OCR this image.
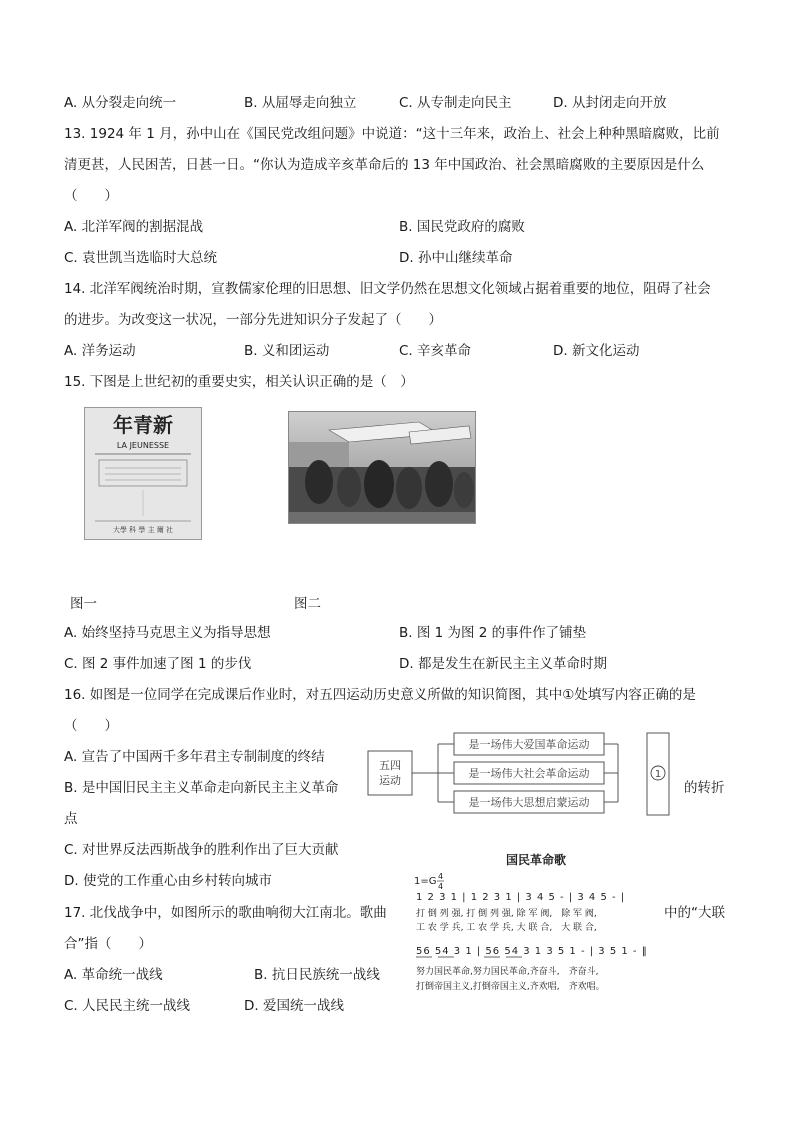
A. 从分裂走向统一	B. 从屈辱走向独立	C. 从专制走向民主	D. 从封闭走向开放
13. 1924 年 1 月，孙中山在《国民党改组问题》中说道：“这十三年来，政治上、社会上种种黑暗腐败，比前
清更甚，人民困苦，日甚一日。“你认为造成辛亥革命后的 13 年中国政治、社会黑暗腐败的主要原因是什么
（　　）
A. 北洋军阀的割据混战	B. 国民党政府的腐败
C. 袁世凯当选临时大总统	D. 孙中山继续革命
14. 北洋军阀统治时期，宣教儒家伦理的旧思想、旧文学仍然在思想文化领域占据着重要的地位，阻碍了社会
的进步。为改变这一状况，一部分先进知识分子发起了（　　）
A. 洋务运动	B. 义和团运动	C. 辛亥革命	D. 新文化运动
15. 下图是上世纪初的重要史实，相关认识正确的是（　）
年青新
LA JEUNESSE
大學 科 學 主 爾 社
图一	图二
A. 始终坚持马克思主义为指导思想	B. 图 1 为图 2 的事件作了铺垫
C. 图 2 事件加速了图 1 的步伐	D. 都是发生在新民主主义革命时期
16. 如图是一位同学在完成课后作业时，对五四运动历史意义所做的知识简图，其中①处填写内容正确的是
（　　）
五四
运动
是一场伟大爱国革命运动
是一场伟大社会革命运动
是一场伟大思想启蒙运动
1
A. 宣告了中国两千多年君主专制制度的终结
B. 是中国旧民主主义革命走向新民主主义革命	的转折
点
C. 对世界反法西斯战争的胜利作出了巨大贡献
D. 使党的工作重心由乡村转向城市
17. 北伐战争中，如图所示的歌曲响彻大江南北。歌曲	中的“大联
合”指（　　）
A. 革命统一战线	B. 抗日民族统一战线
C. 人民民主统一战线	D. 爱国统一战线
国民革命歌
1=G 4
4
1 2 3 1 | 1 2 3 1 | 3 4 5 - | 3 4 5 - |
打 倒 列 强, 打 倒 列 强, 除 军 阀,　除 军 阀,
工 农 学 兵, 工 农 学 兵, 大 联 合,　大 联 合,
56 54 3 1 | 56 54 3 1 3 5 1 - | 3 5 1 - ‖
努力国民革命,努力国民革命,齐奋斗,　齐奋斗,
打倒帝国主义,打倒帝国主义,齐欢唱,　齐欢唱。
